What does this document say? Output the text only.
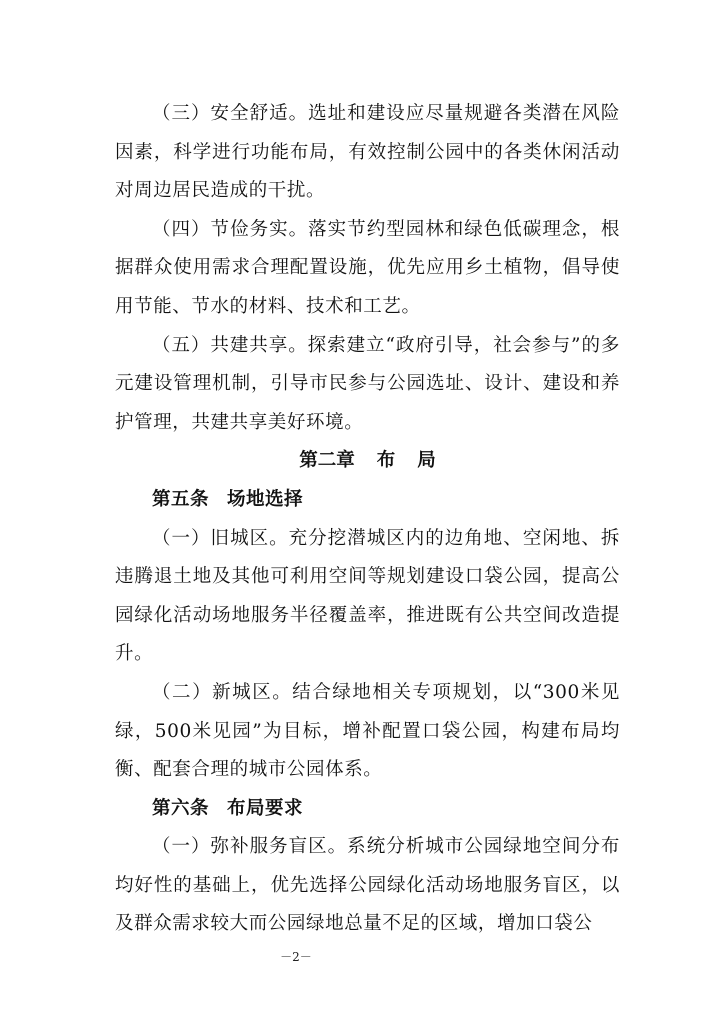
（三）安全舒适。选址和建设应尽量规避各类潜在风险因素，科学进行功能布局，有效控制公园中的各类休闲活动对周边居民造成的干扰。

（四）节俭务实。落实节约型园林和绿色低碳理念，根据群众使用需求合理配置设施，优先应用乡土植物，倡导使用节能、节水的材料、技术和工艺。

（五）共建共享。探索建立“政府引导，社会参与”的多元建设管理机制，引导市民参与公园选址、设计、建设和养护管理，共建共享美好环境。

第二章 布 局

第五条 场地选择

（一）旧城区。充分挖潜城区内的边角地、空闲地、拆违腾退土地及其他可利用空间等规划建设口袋公园，提高公园绿化活动场地服务半径覆盖率，推进既有公共空间改造提升。

（二）新城区。结合绿地相关专项规划，以“300米见绿，500米见园”为目标，增补配置口袋公园，构建布局均衡、配套合理的城市公园体系。

第六条 布局要求

（一）弥补服务盲区。系统分析城市公园绿地空间分布均好性的基础上，优先选择公园绿化活动场地服务盲区，以及群众需求较大而公园绿地总量不足的区域，增加口袋公

－2－
